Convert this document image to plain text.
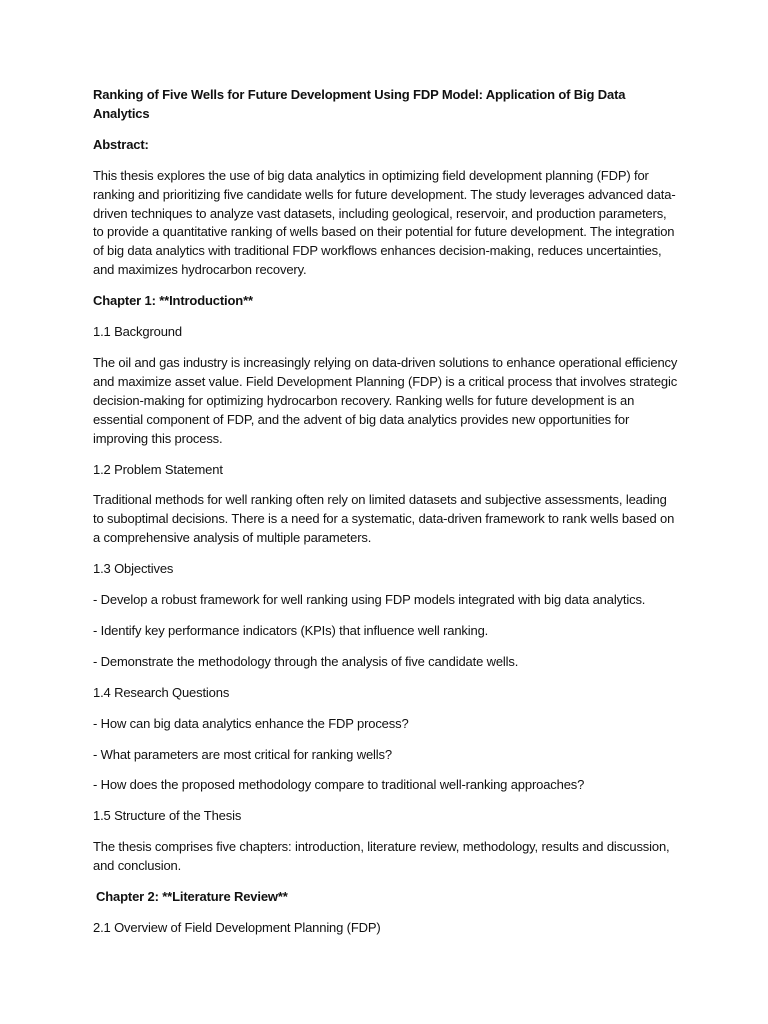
Ranking of Five Wells for Future Development Using FDP Model: Application of Big Data Analytics

Abstract:

This thesis explores the use of big data analytics in optimizing field development planning (FDP) for ranking and prioritizing five candidate wells for future development. The study leverages advanced data-driven techniques to analyze vast datasets, including geological, reservoir, and production parameters, to provide a quantitative ranking of wells based on their potential for future development. The integration of big data analytics with traditional FDP workflows enhances decision-making, reduces uncertainties, and maximizes hydrocarbon recovery.

Chapter 1: **Introduction**

1.1 Background

The oil and gas industry is increasingly relying on data-driven solutions to enhance operational efficiency and maximize asset value. Field Development Planning (FDP) is a critical process that involves strategic decision-making for optimizing hydrocarbon recovery. Ranking wells for future development is an essential component of FDP, and the advent of big data analytics provides new opportunities for improving this process.

1.2 Problem Statement

Traditional methods for well ranking often rely on limited datasets and subjective assessments, leading to suboptimal decisions. There is a need for a systematic, data-driven framework to rank wells based on a comprehensive analysis of multiple parameters.

1.3 Objectives

- Develop a robust framework for well ranking using FDP models integrated with big data analytics.

- Identify key performance indicators (KPIs) that influence well ranking.

- Demonstrate the methodology through the analysis of five candidate wells.

1.4 Research Questions

- How can big data analytics enhance the FDP process?

- What parameters are most critical for ranking wells?

- How does the proposed methodology compare to traditional well-ranking approaches?

1.5 Structure of the Thesis

The thesis comprises five chapters: introduction, literature review, methodology, results and discussion, and conclusion.

Chapter 2: **Literature Review**

2.1 Overview of Field Development Planning (FDP)
